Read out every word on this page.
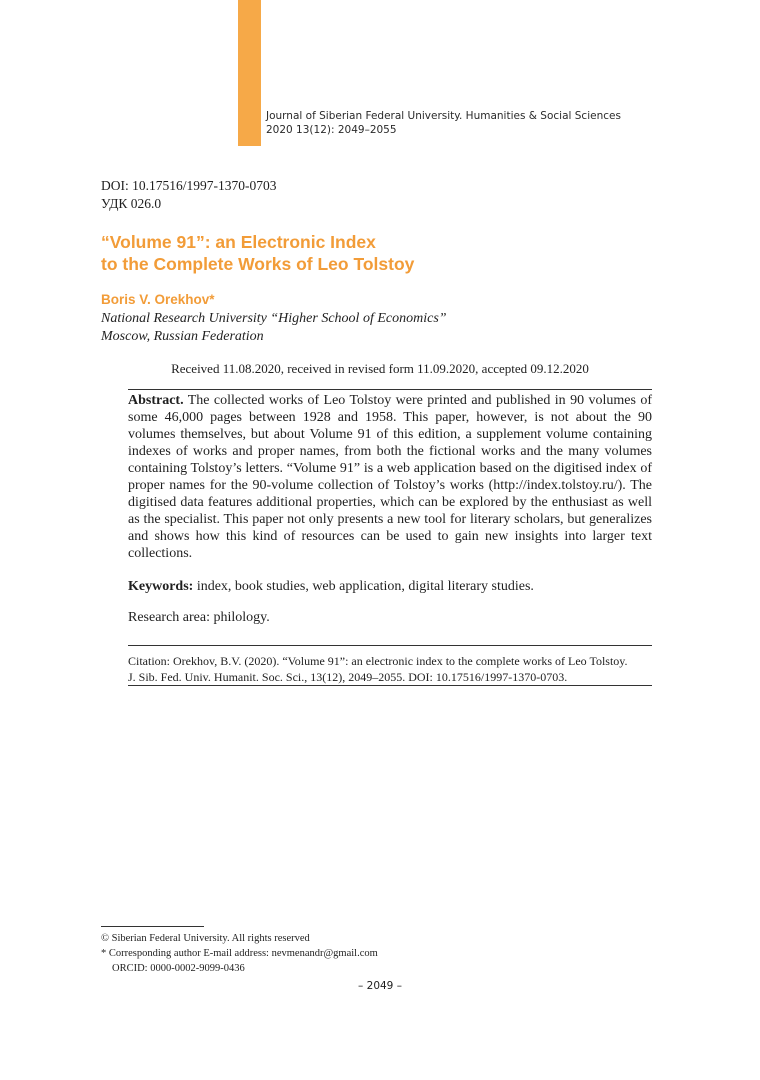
Journal of Siberian Federal University. Humanities & Social Sciences
2020 13(12): 2049–2055
DOI: 10.17516/1997-1370-0703
УДК 026.0
“Volume 91”: an Electronic Index
to the Complete Works of Leo Tolstoy
Boris V. Orekhov*
National Research University “Higher School of Economics”
Moscow, Russian Federation
Received 11.08.2020, received in revised form 11.09.2020, accepted 09.12.2020
Abstract. The collected works of Leo Tolstoy were printed and published in 90 volumes of some 46,000 pages between 1928 and 1958. This paper, however, is not about the 90 volumes themselves, but about Volume 91 of this edition, a supplement volume containing indexes of works and proper names, from both the fictional works and the many volumes containing Tolstoy’s letters. “Volume 91” is a web application based on the digitised index of proper names for the 90-volume collection of Tolstoy’s works (http://index.tolstoy.ru/). The digitised data features additional properties, which can be explored by the enthusiast as well as the specialist. This paper not only presents a new tool for literary scholars, but generalizes and shows how this kind of resources can be used to gain new insights into larger text collections.
Keywords: index, book studies, web application, digital literary studies.
Research area: philology.
Citation: Orekhov, B.V. (2020). “Volume 91”: an electronic index to the complete works of Leo Tolstoy.
J. Sib. Fed. Univ. Humanit. Soc. Sci., 13(12), 2049–2055. DOI: 10.17516/1997-1370-0703.
© Siberian Federal University. All rights reserved
* Corresponding author E-mail address: nevmenandr@gmail.com
ORCID: 0000-0002-9099-0436
– 2049 –
